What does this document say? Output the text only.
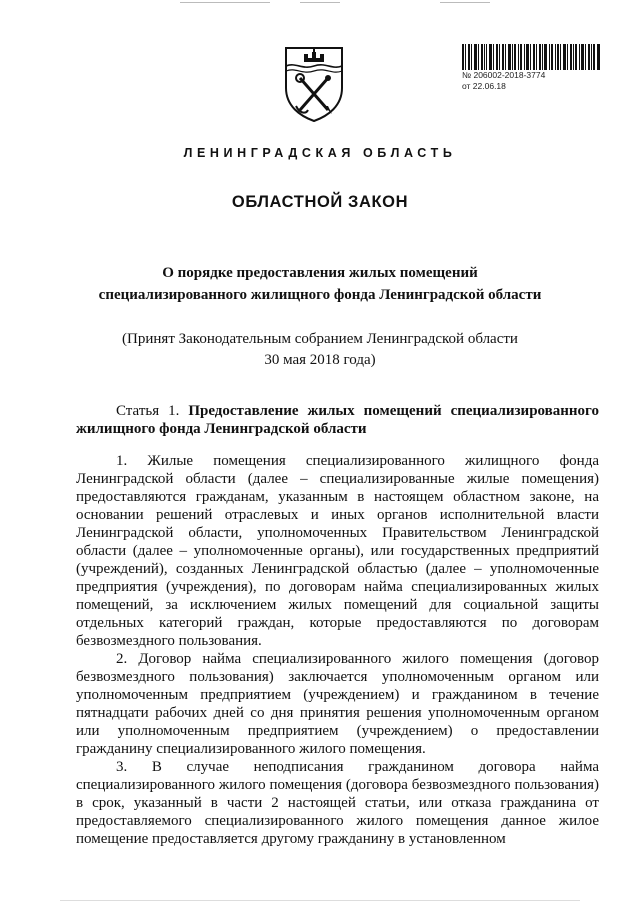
№ 206002-2018-3774
от 22.06.18
ЛЕНИНГРАДСКАЯ ОБЛАСТЬ
ОБЛАСТНОЙ ЗАКОН
О порядке предоставления жилых помещений
специализированного жилищного фонда Ленинградской области
(Принят Законодательным собранием Ленинградской области
30 мая 2018 года)
Статья 1. Предоставление жилых помещений специализированного жилищного фонда Ленинградской области

1. Жилые помещения специализированного жилищного фонда Ленинградской области (далее – специализированные жилые помещения) предоставляются гражданам, указанным в настоящем областном законе, на основании решений отраслевых и иных органов исполнительной власти Ленинградской области, уполномоченных Правительством Ленинградской области (далее – уполномоченные органы), или государственных предприятий (учреждений), созданных Ленинградской областью (далее – уполномоченные предприятия (учреждения), по договорам найма специализированных жилых помещений, за исключением жилых помещений для социальной защиты отдельных категорий граждан, которые предоставляются по договорам безвозмездного пользования.

2. Договор найма специализированного жилого помещения (договор безвозмездного пользования) заключается уполномоченным органом или уполномоченным предприятием (учреждением) и гражданином в течение пятнадцати рабочих дней со дня принятия решения уполномоченным органом или уполномоченным предприятием (учреждением) о предоставлении гражданину специализированного жилого помещения.

3. В случае неподписания гражданином договора найма специализированного жилого помещения (договора безвозмездного пользования) в срок, указанный в части 2 настоящей статьи, или отказа гражданина от предоставляемого специализированного жилого помещения данное жилое помещение предоставляется другому гражданину в установленном
